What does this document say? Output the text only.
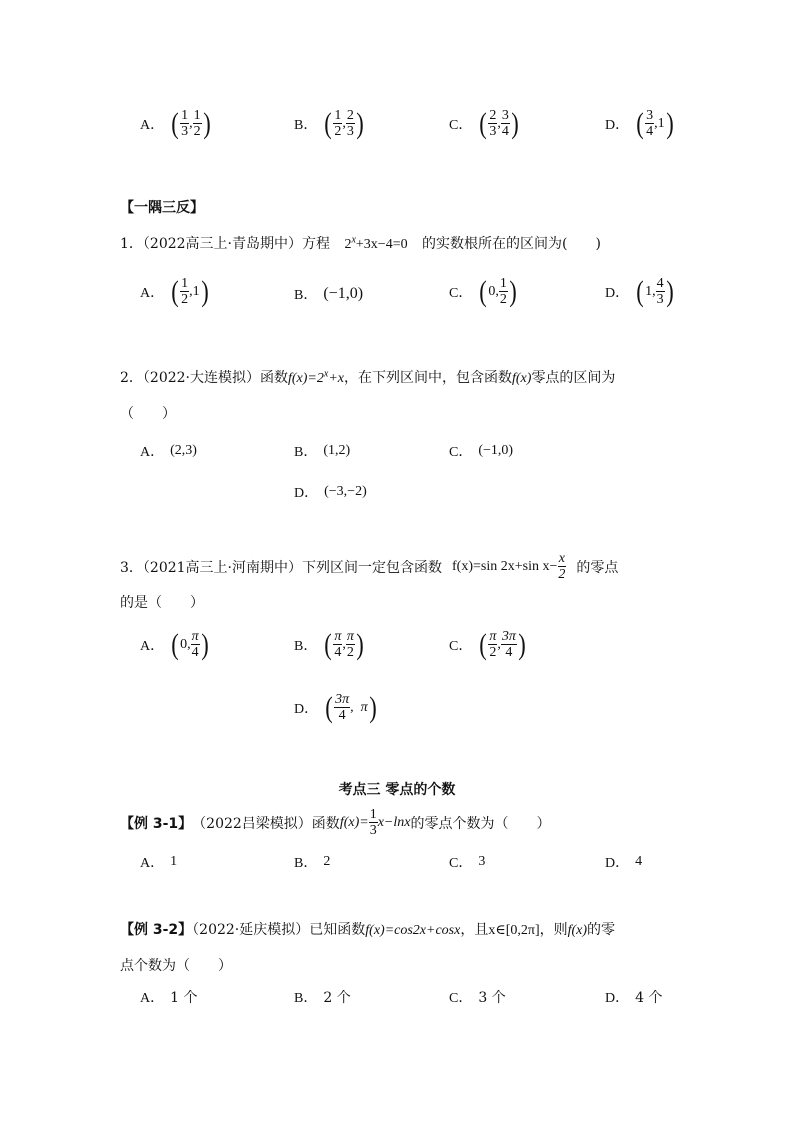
A． ( $\frac{1}{3}$ , $\frac{1}{2}$ )	B． ( $\frac{1}{2}$ , $\frac{2}{3}$ )	C． ( $\frac{2}{3}$ , $\frac{3}{4}$ )	D． ( $\frac{3}{4} ,1$ )
【一隅三反】
1．（2022高三上·青岛期中）方程 $2^x+3x-4=0$ 的实数根所在的区间为(　　)
A． ( $\frac{1}{2} ,1$ )	B． (−1,0)	C． ( 0, $\frac{1}{2}$ )	D． ( 1, $\frac{4}{3}$ )
2．（2022·大连模拟）函数$f(x)=2^x+x$，在下列区间中，包含函数f(x)零点的区间为
（　　）
A． (2,3)	B． (1,2)	C． (−1,0)
D． (−3,−2)
3．（2021高三上·河南期中）下列区间一定包含函数 f(x)=sin 2x+sin $x- \frac{x}{2}$ 的零点
的是（　　）
A． ( 0, $\frac{\pi}{4}$ )	B． ( $\frac{\pi}{4}$ , $\frac{\pi}{2}$ )	C． ( $\frac{\pi}{2}$ , $\frac{3\pi}{4}$ )
D． ( $\frac{3\pi}{4}$ ,  π )
考点三 零点的个数
【例 3-1】 （2022吕梁模拟）函数 $f(x)= \frac{1}{3} x-\ln x$ 的零点个数为（　　）
A． 1	B． 2	C． 3	D． 4
【例 3-2】（2022·延庆模拟）已知函数f(x)=cos2x+cosx，且x∈[0,2π]，则f(x)的零
点个数为（　　）
A． 1 个	B． 2 个	C． 3 个	D． 4 个
